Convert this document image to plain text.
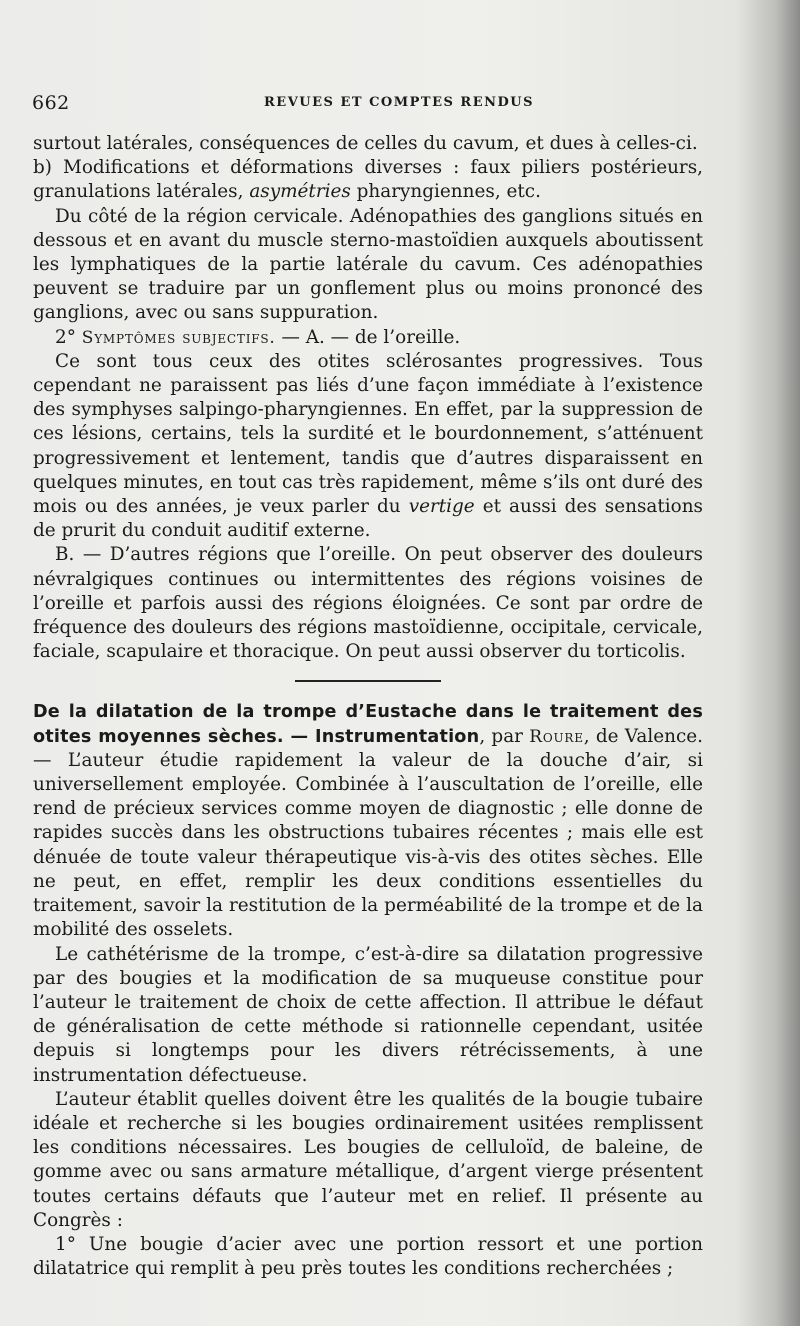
662	REVUES ET COMPTES RENDUS

surtout latérales, conséquences de celles du cavum, et dues à celles-ci.

b) Modifications et déformations diverses : faux piliers postérieurs, granulations latérales, asymétries pharyngiennes, etc.

Du côté de la région cervicale. Adénopathies des ganglions situés en dessous et en avant du muscle sterno-mastoïdien auxquels aboutissent les lymphatiques de la partie latérale du cavum. Ces adénopathies peuvent se traduire par un gonflement plus ou moins prononcé des ganglions, avec ou sans suppuration.

2° Symptômes subjectifs. — A. — de l’oreille.

Ce sont tous ceux des otites sclérosantes progressives. Tous cependant ne paraissent pas liés d’une façon immédiate à l’existence des symphyses salpingo-pharyngiennes. En effet, par la suppression de ces lésions, certains, tels la surdité et le bourdonnement, s’atténuent progressivement et lentement, tandis que d’autres disparaissent en quelques minutes, en tout cas très rapidement, même s’ils ont duré des mois ou des années, je veux parler du vertige et aussi des sensations de prurit du conduit auditif externe.

B. — D’autres régions que l’oreille. On peut observer des douleurs névralgiques continues ou intermittentes des régions voisines de l’oreille et parfois aussi des régions éloignées. Ce sont par ordre de fréquence des douleurs des régions mastoïdienne, occipitale, cervicale, faciale, scapulaire et thoracique. On peut aussi observer du torticolis.

De la dilatation de la trompe d’Eustache dans le traitement des otites moyennes sèches. — Instrumentation, par Roure, de Valence. — L’auteur étudie rapidement la valeur de la douche d’air, si universellement employée. Combinée à l’auscultation de l’oreille, elle rend de précieux services comme moyen de diagnostic ; elle donne de rapides succès dans les obstructions tubaires récentes ; mais elle est dénuée de toute valeur thérapeutique vis-à-vis des otites sèches. Elle ne peut, en effet, remplir les deux conditions essentielles du traitement, savoir la restitution de la perméabilité de la trompe et de la mobilité des osselets.

Le cathétérisme de la trompe, c’est-à-dire sa dilatation progressive par des bougies et la modification de sa muqueuse constitue pour l’auteur le traitement de choix de cette affection. Il attribue le défaut de généralisation de cette méthode si rationnelle cependant, usitée depuis si longtemps pour les divers rétrécissements, à une instrumentation défectueuse.

L’auteur établit quelles doivent être les qualités de la bougie tubaire idéale et recherche si les bougies ordinairement usitées remplissent les conditions nécessaires. Les bougies de celluloïd, de baleine, de gomme avec ou sans armature métallique, d’argent vierge présentent toutes certains défauts que l’auteur met en relief. Il présente au Congrès :

1° Une bougie d’acier avec une portion ressort et une portion dilatatrice qui remplit à peu près toutes les conditions recherchées ;
